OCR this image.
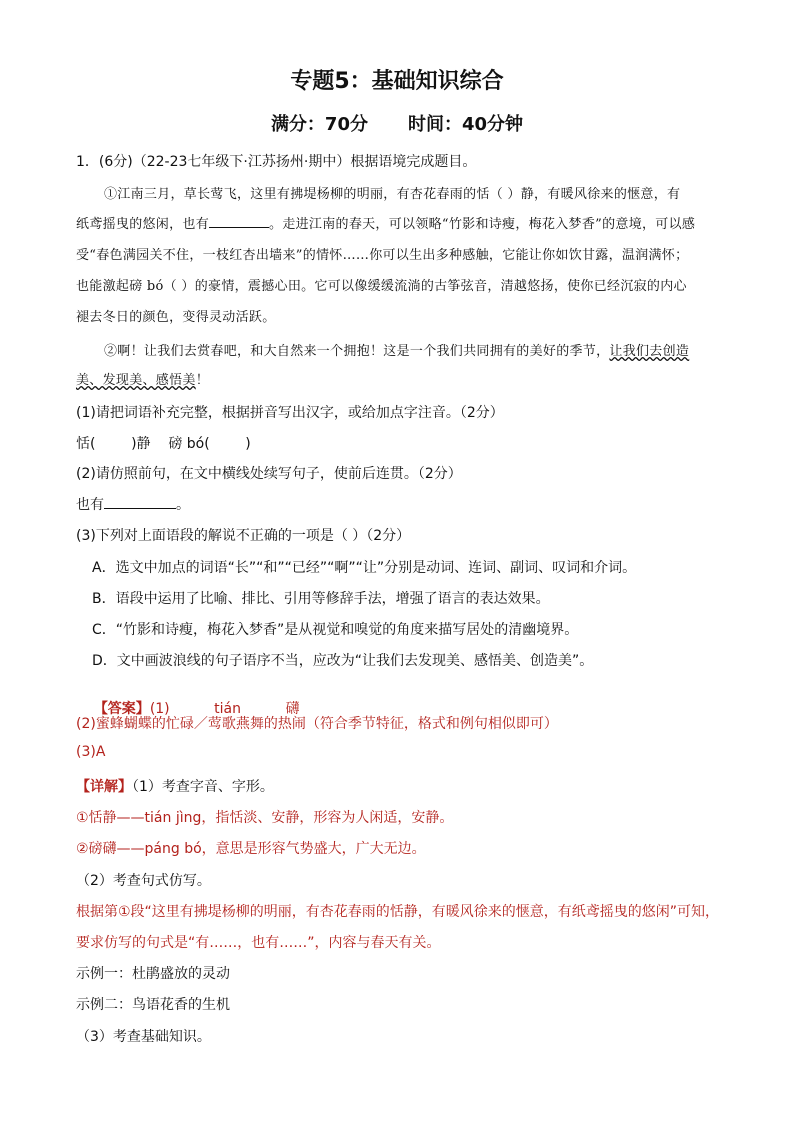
专题5：基础知识综合
满分：70分 时间：40分钟
1．(6分)（22-23七年级下·江苏扬州·期中）根据语境完成题目。
①江南三月，草长莺飞，这里有拂堤杨柳的明丽，有杏花春雨的恬（ ）静，有暖风徐来的惬意，有
纸鸢摇曳的悠闲，也有	。走进江南的春天，可以领略“竹影和诗瘦，梅花入梦香”的意境，可以感
受“春色满园关不住，一枝红杏出墙来”的情怀……你可以生出多种感触，它能让你如饮甘露，温润满怀；
也能激起磅 bó（ ）的豪情，震撼心田。它可以像缓缓流淌的古筝弦音，清越悠扬，使你已经沉寂的内心
褪去冬日的颜色，变得灵动活跃。
②啊！让我们去赏春吧，和大自然来一个拥抱！这是一个我们共同拥有的美好的季节，让我们去创造
美、发现美、感悟美！
(1)请把词语补充完整，根据拼音写出汉字，或给加点字注音。（2分）
恬(        )静    磅 bó(        )
(2)请仿照前句，在文中横线处续写句子，使前后连贯。（2分）
也有	。
(3)下列对上面语段的解说不正确的一项是（ ）（2分）
A．选文中加点的词语“长”“和”“已经”“啊”“让”分别是动词、连词、副词、叹词和介词。
B．语段中运用了比喻、排比、引用等修辞手法，增强了语言的表达效果。
C．“竹影和诗瘦，梅花入梦香”是从视觉和嗅觉的角度来描写居处的清幽境界。
D．文中画波浪线的句子语序不当，应改为“让我们去发现美、感悟美、创造美”。

【答案】(1)          tián          礴

(2)蜜蜂蝴蝶的忙碌／莺歌燕舞的热闹（符合季节特征，格式和例句相似即可）
(3)A
【详解】（1）考查字音、字形。
①恬静——tián jìng，指恬淡、安静，形容为人闲适，安静。
②磅礴——páng bó，意思是形容气势盛大，广大无边。
（2）考查句式仿写。
根据第①段“这里有拂堤杨柳的明丽，有杏花春雨的恬静，有暖风徐来的惬意，有纸鸢摇曳的悠闲”可知，
要求仿写的句式是“有……，也有……”，内容与春天有关。
示例一：杜鹃盛放的灵动
示例二：鸟语花香的生机
（3）考查基础知识。
